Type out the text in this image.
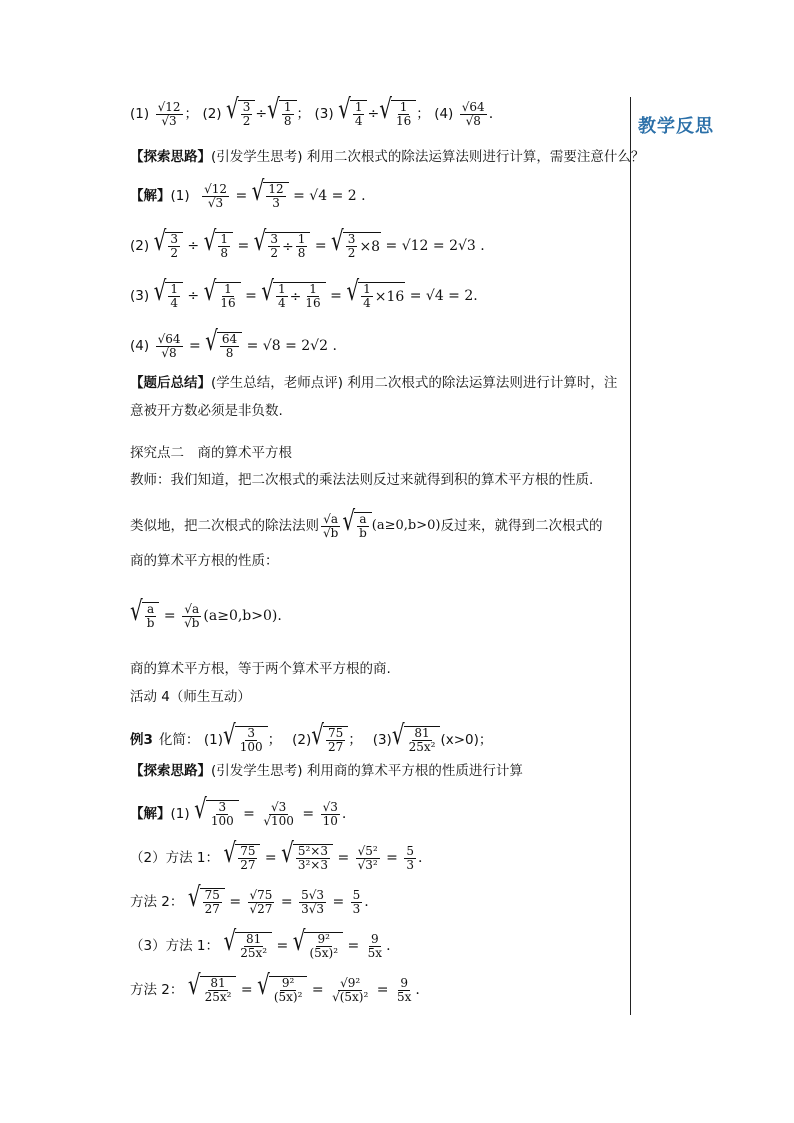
教学反思
$(1) \frac{√12}{√3}$ ； (2) √ $\frac{3}{2}$ ÷ √ $\frac{1}{8}$ ； (3) √ $\frac{1}{4}$ ÷ √ $\frac{1}{16}$ ； $(4) \frac{√64}{√8}$ .
【探索思路】(引发学生思考) 利用二次根式的除法运算法则进行计算，需要注意什么？
【解】$(1) \frac{√12}{√3}$ = √ $\frac{12}{3} = √4 = 2$ .
(2) √ $\frac{3}{2}$ ÷ √ $\frac{1}{8}$ = √ $\frac{3}{2} \div \frac{1}{8}$ = √ $\frac{3}{2} \times 8 = √12 = 2√3$ .
(3) √ $\frac{1}{4}$ ÷ √ $\frac{1}{16}$ = √ $\frac{1}{4} \div \frac{1}{16}$ = √ $\frac{1}{4} \times 16 = √4 = 2$.
$(4) \frac{√64}{√8}$ = √ $\frac{64}{8} = √8 = 2√2$ .
【题后总结】(学生总结，老师点评) 利用二次根式的除法运算法则进行计算时，注
意被开方数必须是非负数.
探究点二　商的算术平方根
教师：我们知道，把二次根式的乘法法则反过来就得到积的算术平方根的性质.
类似地，把二次根式的除法法则 $\frac{√a}{√b}$ √ $\frac{a}{b} (a\ge 0,b>0)$反过来，就得到二次根式的
商的算术平方根的性质：
√ $\frac{a}{b} = \frac{√a}{√b} (a\ge 0,b>0)$.
商的算术平方根，等于两个算术平方根的商.
活动 4（师生互动）
例3 化简： (1) √ $\frac{3}{100}$ ； (2) √ $\frac{75}{27}$ ； (3) √ $\frac{81}{\text{25x²}} (x>0)$；
【探索思路】(引发学生思考) 利用商的算术平方根的性质进行计算
【解】(1) √ $\frac{3}{100} = \frac{√3}{√100} = \frac{√3}{10}$ .
（2）方法 1： √ $\frac{75}{27}$ = √ $\frac{\text{5²×3}}{\text{3²×3}} = \frac{\text{√5²}}{\text{√3²}} = \frac{5}{3}$ .
方法 2： √ $\frac{75}{27} = \frac{√75}{√27} = \frac{5√3}{3√3} = \frac{5}{3}$ .
（3）方法 1： √ $\frac{81}{\text{25x²}}$ = √ $\frac{\text{9²}}{\text{(5x)²}} = \frac{9}{5x}$ .
方法 2： √ $\frac{81}{\text{25x²}}$ = √ $\frac{\text{9²}}{\text{(5x)²}} = \frac{\text{√9²}}{\text{√(5x)²}} = \frac{9}{5x}$ .
